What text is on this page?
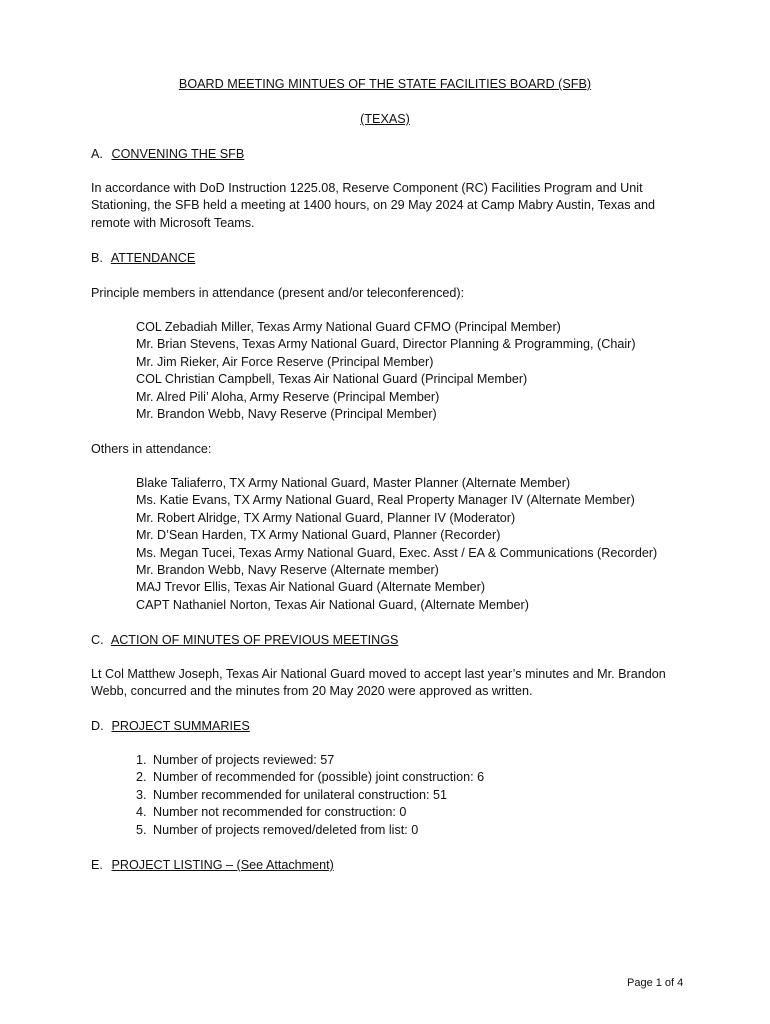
BOARD MEETING MINTUES OF THE STATE FACILITIES BOARD (SFB)
(TEXAS)
A. CONVENING THE SFB
In accordance with DoD Instruction 1225.08, Reserve Component (RC) Facilities Program and Unit Stationing, the SFB held a meeting at 1400 hours, on 29 May 2024 at Camp Mabry Austin, Texas and remote with Microsoft Teams.
B. ATTENDANCE
Principle members in attendance (present and/or teleconferenced):
COL Zebadiah Miller, Texas Army National Guard CFMO (Principal Member)
Mr. Brian Stevens, Texas Army National Guard, Director Planning & Programming, (Chair)
Mr. Jim Rieker, Air Force Reserve (Principal Member)
COL Christian Campbell, Texas Air National Guard (Principal Member)
Mr. Alred Pili’ Aloha, Army Reserve (Principal Member)
Mr. Brandon Webb, Navy Reserve (Principal Member)
Others in attendance:
Blake Taliaferro, TX Army National Guard, Master Planner (Alternate Member)
Ms. Katie Evans, TX Army National Guard, Real Property Manager IV (Alternate Member)
Mr. Robert Alridge, TX Army National Guard, Planner IV (Moderator)
Mr. D’Sean Harden, TX Army National Guard, Planner (Recorder)
Ms. Megan Tucei, Texas Army National Guard, Exec. Asst / EA & Communications (Recorder)
Mr. Brandon Webb, Navy Reserve (Alternate member)
MAJ Trevor Ellis, Texas Air National Guard (Alternate Member)
CAPT Nathaniel Norton, Texas Air National Guard, (Alternate Member)
C. ACTION OF MINUTES OF PREVIOUS MEETINGS
Lt Col Matthew Joseph, Texas Air National Guard moved to accept last year’s minutes and Mr. Brandon Webb, concurred and the minutes from 20 May 2020 were approved as written.
D. PROJECT SUMMARIES
1. Number of projects reviewed: 57
2. Number of recommended for (possible) joint construction: 6
3. Number recommended for unilateral construction: 51
4. Number not recommended for construction: 0
5. Number of projects removed/deleted from list: 0
E. PROJECT LISTING – (See Attachment)
Page 1 of 4
